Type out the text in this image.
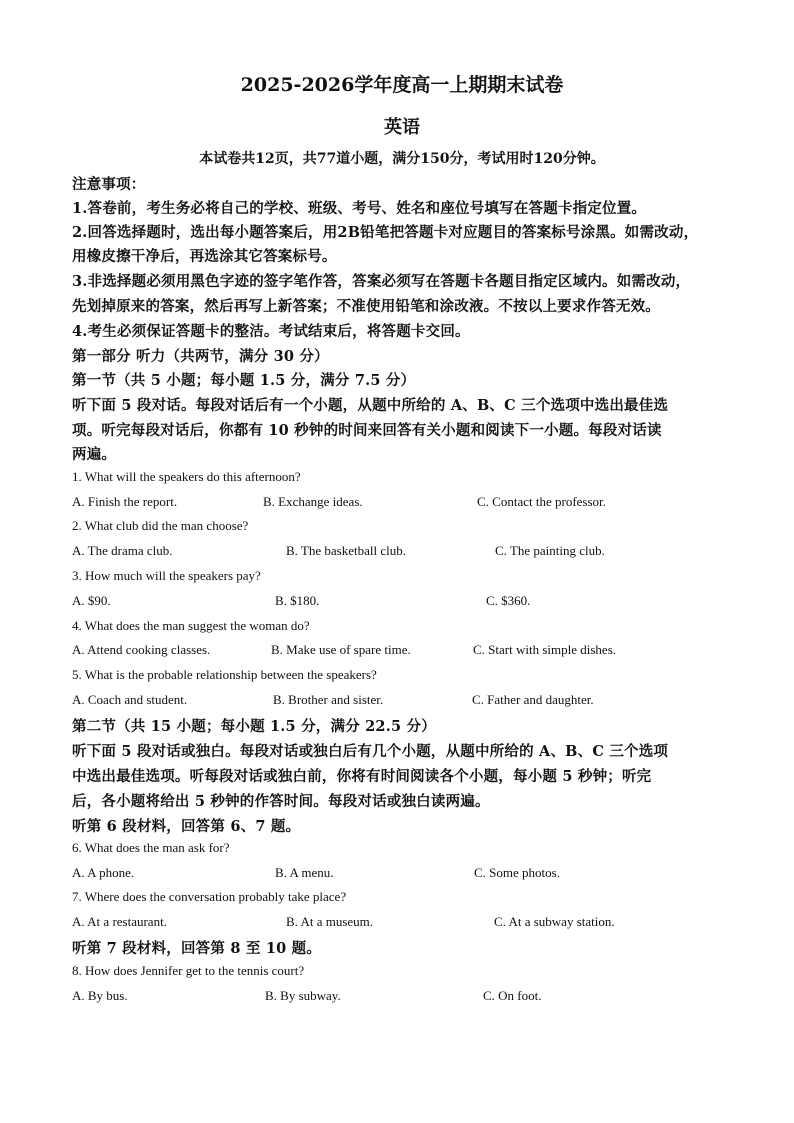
2025-2026学年度高一上期期末试卷
英语
本试卷共12页，共77道小题，满分150分，考试用时120分钟。
注意事项：
1.答卷前，考生务必将自己的学校、班级、考号、姓名和座位号填写在答题卡指定位置。
2.回答选择题时，选出每小题答案后，用2B铅笔把答题卡对应题目的答案标号涂黑。如需改动，
用橡皮擦干净后，再选涂其它答案标号。
3.非选择题必须用黑色字迹的签字笔作答，答案必须写在答题卡各题目指定区域内。如需改动，
先划掉原来的答案，然后再写上新答案；不准使用铅笔和涂改液。不按以上要求作答无效。
4.考生必须保证答题卡的整洁。考试结束后，将答题卡交回。
第一部分 听力（共两节，满分 30 分）
第一节（共 5 小题；每小题 1.5 分，满分 7.5 分）
听下面 5 段对话。每段对话后有一个小题，从题中所给的 A、B、C 三个选项中选出最佳选
项。听完每段对话后，你都有 10 秒钟的时间来回答有关小题和阅读下一小题。每段对话读
两遍。
1. What will the speakers do this afternoon?
A. Finish the report.	B. Exchange ideas.	C. Contact the professor.
2. What club did the man choose?
A. The drama club.	B. The basketball club.	C. The painting club.
3. How much will the speakers pay?
A. $90.	B. $180.	C. $360.
4. What does the man suggest the woman do?
A. Attend cooking classes.	B. Make use of spare time.	C. Start with simple dishes.
5. What is the probable relationship between the speakers?
A. Coach and student.	B. Brother and sister.	C. Father and daughter.
第二节（共 15 小题；每小题 1.5 分，满分 22.5 分）
听下面 5 段对话或独白。每段对话或独白后有几个小题，从题中所给的 A、B、C 三个选项
中选出最佳选项。听每段对话或独白前，你将有时间阅读各个小题，每小题 5 秒钟；听完
后，各小题将给出 5 秒钟的作答时间。每段对话或独白读两遍。
听第 6 段材料，回答第 6、7 题。
6. What does the man ask for?
A. A phone.	B. A menu.	C. Some photos.
7. Where does the conversation probably take place?
A. At a restaurant.	B. At a museum.	C. At a subway station.
听第 7 段材料，回答第 8 至 10 题。
8. How does Jennifer get to the tennis court?
A. By bus.	B. By subway.	C. On foot.
